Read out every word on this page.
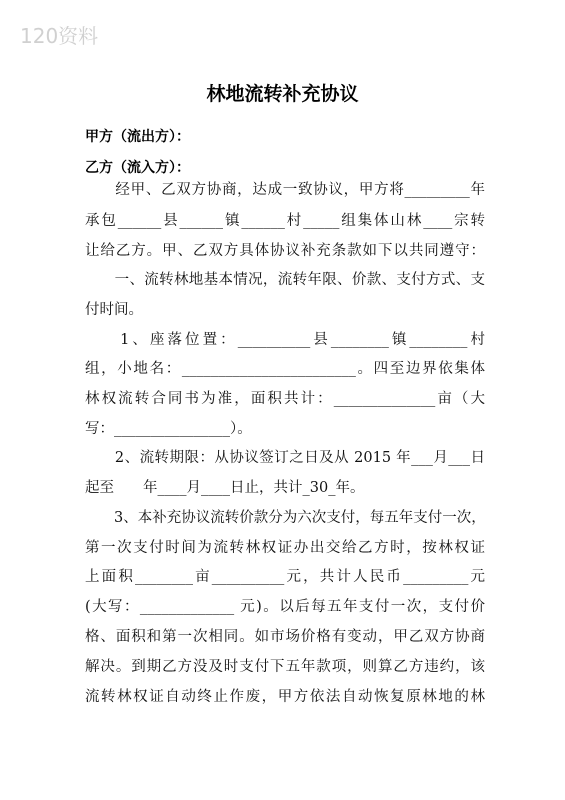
120资料
林地流转补充协议
甲方（流出方）：
乙方（流入方）：
　　经甲、乙双方协商，达成一致协议，甲方将_________年
承包______县______镇______村_____组集体山林____宗转
让给乙方。甲、乙双方具体协议补充条款如下以共同遵守：
　　一、流转林地基本情况，流转年限、价款、支付方式、支
付时间。
　　1、座落位置：__________县________镇________村
组，小地名：________________________。四至边界依集体
林权流转合同书为准，面积共计：______________亩（大
写：________________）。
　　2、流转期限：从协议签订之日及从 2015 年___月___日
起至　　年____月____日止，共计_30_年。
　　3、本补充协议流转价款分为六次支付，每五年支付一次，
第一次支付时间为流转林权证办出交给乙方时，按林权证
上面积________亩__________元，共计人民币_________元
(大写：_____________ 元)。以后每五年支付一次，支付价
格、面积和第一次相同。如市场价格有变动，甲乙双方协商
解决。到期乙方没及时支付下五年款项，则算乙方违约，该
流转林权证自动终止作废，甲方依法自动恢复原林地的林
